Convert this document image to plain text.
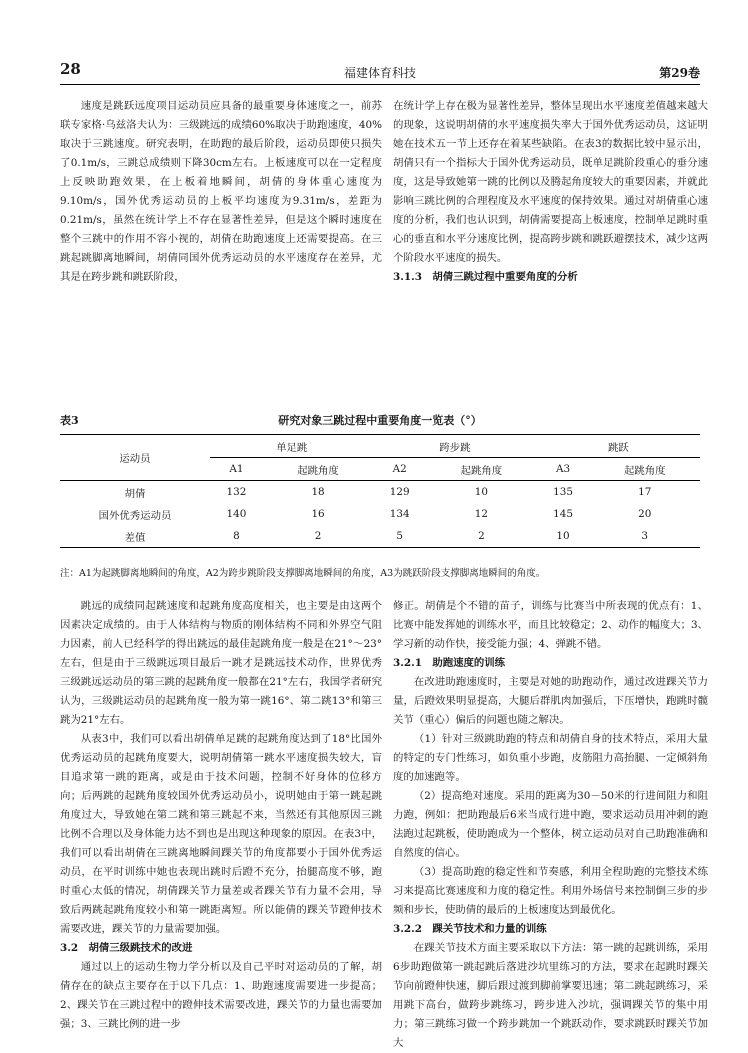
28	福建体育科技	第29卷

速度是跳跃远度项目运动员应具备的最重要身体速度之一，前苏联专家格·乌兹洛夫认为：三级跳远的成绩60%取决于助跑速度，40%取决于三跳速度。研究表明，在助跑的最后阶段，运动员即使只损失了0.1m/s，三跳总成绩则下降30cm左右。上板速度可以在一定程度上反映助跑效果，在上板着地瞬间，胡倩的身体重心速度为9.10m/s，国外优秀运动员的上板平均速度为9.31m/s，差距为0.21m/s，虽然在统计学上不存在显著性差异，但是这个瞬时速度在整个三跳中的作用不容小视的，胡倩在助跑速度上还需要提高。在三跳起跳脚离地瞬间，胡倩同国外优秀运动员的水平速度存在差异，尤其是在跨步跳和跳跃阶段，

在统计学上存在极为显著性差异，整体呈现出水平速度差值越来越大的现象，这说明胡倩的水平速度损失率大于国外优秀运动员，这证明她在技术五一节上还存在着某些缺陷。在表3的数据比较中显示出，胡倩只有一个指标大于国外优秀运动员，既单足跳阶段重心的垂分速度，这是导致她第一跳的比例以及腾起角度较大的重要因素，并就此影响三跳比例的合理程度及水平速度的保持效果。通过对胡倩重心速度的分析，我们也认识到，胡倩需要提高上板速度，控制单足跳时重心的垂直和水平分速度比例，提高跨步跳和跳跃避摆技术，减少这两个阶段水平速度的损失。

3.1.3　胡倩三跳过程中重要角度的分析
表3	研究对象三跳过程中重要角度一览表（°）
运动员	单足跳		跨步跳		跳跃	
	A1	起跳角度	A2	起跳角度	A3	起跳角度
胡倩	132	18	129	10	135	17
国外优秀运动员	140	16	134	12	145	20
差值	8	2	5	2	10	3
注：A1为起跳脚离地瞬间的角度，A2为跨步跳阶段支撑脚离地瞬间的角度，A3为跳跃阶段支撑脚离地瞬间的角度。

跳远的成绩同起跳速度和起跳角度高度相关，也主要是由这两个因素决定成绩的。由于人体结构与物质的刚体结构不同和外界空气阻力因素，前人已经科学的得出跳远的最佳起跳角度一般是在21°～23°左右，但是由于三级跳远项目最后一跳才是跳远技术动作，世界优秀三级跳远运动员的第三跳的起跳角度一般都在21°左右，我国学者研究认为，三级跳运动员的起跳角度一般为第一跳16°、第二跳13°和第三跳为21°左右。

从表3中，我们可以看出胡倩单足跳的起跳角度达到了18°比国外优秀运动员的起跳角度要大，说明胡倩第一跳水平速度损失较大，盲目追求第一跳的距离，或是由于技术问题，控制不好身体的位移方向；后两跳的起跳角度较国外优秀运动员小，说明她由于第一跳起跳角度过大，导致她在第二跳和第三跳起不来，当然还有其他原因三跳比例不合理以及身体能力达不到也是出现这种现象的原因。在表3中，我们可以看出胡倩在三跳离地瞬间踝关节的角度都要小于国外优秀运动员，在平时训练中她也表现出跳时后蹬不充分，抬腿高度不够，跑时重心太低的情况，胡倩踝关节力量差或者踝关节有力量不会用，导致后两跳起跳角度较小和第一跳距离短。所以能倩的踝关节蹬伸技术需要改进，踝关节的力量需要加强。

3.2　胡倩三级跳技术的改进

通过以上的运动生物力学分析以及自己平时对运动员的了解，胡倩存在的缺点主要存在于以下几点：1、助跑速度需要进一步提高；2、踝关节在三跳过程中的蹬伸技术需要改进，踝关节的力量也需要加强；3、三跳比例的进一步

修正。胡倩是个不错的苗子，训练与比赛当中所表现的优点有：1、比赛中能发挥她的训练水平，而且比较稳定；2、动作的幅度大；3、学习新的动作快，接受能力强；4、弹跳不错。

3.2.1　助跑速度的训练

在改进助跑速度时，主要是对她的助跑动作，通过改进踝关节力量，后蹬效果明显提高，大腿后群肌肉加强后，下压增快，跑跳时髋关节（重心）偏后的问题也随之解决。

（1）针对三级跳助跑的特点和胡倩自身的技术特点，采用大量的特定的专门性练习，如负重小步跑，皮筋阻力高抬腿、一定倾斜角度的加速跑等。

（2）提高绝对速度。采用的距离为30－50米的行进间阻力和阻力跑，例如：把助跑最后6米当成行进中跑，要求运动员用冲刺的跑法跑过起跳板，使助跑成为一个整体，树立运动员对自己助跑准确和自然度的信心。

（3）提高助跑的稳定性和节奏感，利用全程助跑的完整技术练习来提高比赛速度和力度的稳定性。利用外场信号来控制倒三步的步频和步长，使助倩的最后的上板速度达到最优化。

3.2.2　踝关节技术和力量的训练

在踝关节技术方面主要采取以下方法：第一跳的起跳训练，采用6步助跑做第一跳起跳后落进沙坑里练习的方法，要求在起跳时踝关节向前蹬伸快速，脚后跟过渡到脚前掌要迅速；第二跳起跳练习，采用跳下高台，做跨步跳练习，跨步进入沙坑，强调踝关节的集中用力；第三跳练习做一个跨步跳加一个跳跃动作，要求跳跃时踝关节加大
